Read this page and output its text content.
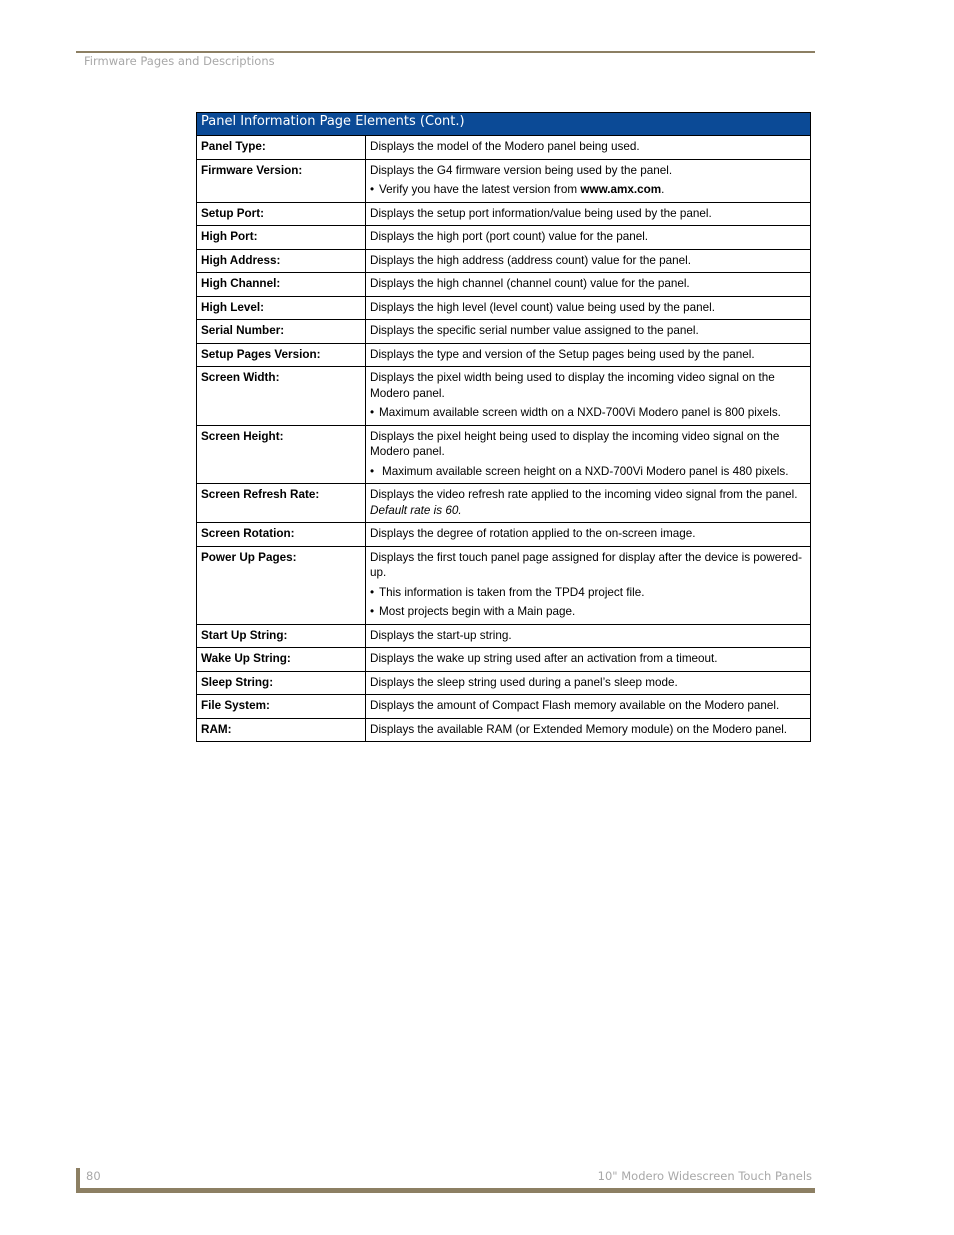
Firmware Pages and Descriptions
Panel Information Page Elements (Cont.)	
Panel Type:	Displays the model of the Modero panel being used.
Firmware Version:	Displays the G4 firmware version being used by the panel.
• Verify you have the latest version from www.amx.com.

Setup Port:	Displays the setup port information/value being used by the panel.
High Port:	Displays the high port (port count) value for the panel.
High Address:	Displays the high address (address count) value for the panel.
High Channel:	Displays the high channel (channel count) value for the panel.
High Level:	Displays the high level (level count) value being used by the panel.
Serial Number:	Displays the specific serial number value assigned to the panel.
Setup Pages Version:	Displays the type and version of the Setup pages being used by the panel.
Screen Width:	Displays the pixel width being used to display the incoming video signal on the Modero panel.
• Maximum available screen width on a NXD-700Vi Modero panel is 800 pixels.

Screen Height:	Displays the pixel height being used to display the incoming video signal on the Modero panel.
• Maximum available screen height on a NXD-700Vi Modero panel is 480 pixels.

Screen Refresh Rate:	Displays the video refresh rate applied to the incoming video signal from the panel. Default rate is 60.
Screen Rotation:	Displays the degree of rotation applied to the on-screen image.
Power Up Pages:	Displays the first touch panel page assigned for display after the device is powered-up.
• This information is taken from the TPD4 project file.
• Most projects begin with a Main page.

Start Up String:	Displays the start-up string.
Wake Up String:	Displays the wake up string used after an activation from a timeout.
Sleep String:	Displays the sleep string used during a panel’s sleep mode.
File System:	Displays the amount of Compact Flash memory available on the Modero panel.
RAM:	Displays the available RAM (or Extended Memory module) on the Modero panel.
80	10" Modero Widescreen Touch Panels
